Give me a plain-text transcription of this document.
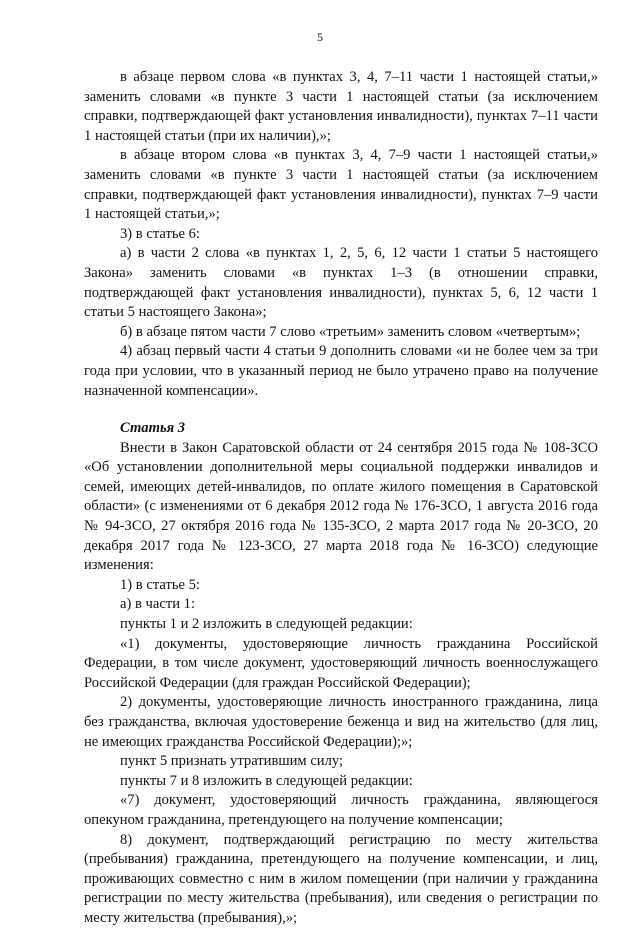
5

в абзаце первом слова «в пунктах 3, 4, 7–11 части 1 настоящей статьи,» заменить словами «в пункте 3 части 1 настоящей статьи (за исключением справки, подтверждающей факт установления инвалидности), пунктах 7–11 части 1 настоящей статьи (при их наличии),»;

в абзаце втором слова «в пунктах 3, 4, 7–9 части 1 настоящей статьи,» заменить словами «в пункте 3 части 1 настоящей статьи (за исключением справки, подтверждающей факт установления инвалидности), пунктах 7–9 части 1 настоящей статьи,»;

3) в статье 6:

а) в части 2 слова «в пунктах 1, 2, 5, 6, 12 части 1 статьи 5 настоящего Закона» заменить словами «в пунктах 1–3 (в отношении справки, подтверждающей факт установления инвалидности), пунктах 5, 6, 12 части 1 статьи 5 настоящего Закона»;

б) в абзаце пятом части 7 слово «третьим» заменить словом «четвертым»;

4) абзац первый части 4 статьи 9 дополнить словами «и не более чем за три года при условии, что в указанный период не было утрачено право на получение назначенной компенсации».

Статья 3

Внести в Закон Саратовской области от 24 сентября 2015 года № 108-ЗСО «Об установлении дополнительной меры социальной поддержки инвалидов и семей, имеющих детей-инвалидов, по оплате жилого помещения в Саратовской области» (с изменениями от 6 декабря 2012 года № 176-ЗСО, 1 августа 2016 года № 94-ЗСО, 27 октября 2016 года № 135-ЗСО, 2 марта 2017 года № 20-ЗСО, 20 декабря 2017 года № 123-ЗСО, 27 марта 2018 года № 16-ЗСО) следующие изменения:

1) в статье 5:

а) в части 1:

пункты 1 и 2 изложить в следующей редакции:

«1) документы, удостоверяющие личность гражданина Российской Федерации, в том числе документ, удостоверяющий личность военнослужащего Российской Федерации (для граждан Российской Федерации);

2) документы, удостоверяющие личность иностранного гражданина, лица без гражданства, включая удостоверение беженца и вид на жительство (для лиц, не имеющих гражданства Российской Федерации);»;

пункт 5 признать утратившим силу;

пункты 7 и 8 изложить в следующей редакции:

«7) документ, удостоверяющий личность гражданина, являющегося опекуном гражданина, претендующего на получение компенсации;

8) документ, подтверждающий регистрацию по месту жительства (пребывания) гражданина, претендующего на получение компенсации, и лиц, проживающих совместно с ним в жилом помещении (при наличии у гражданина регистрации по месту жительства (пребывания), или сведения о регистрации по месту жительства (пребывания),»;
